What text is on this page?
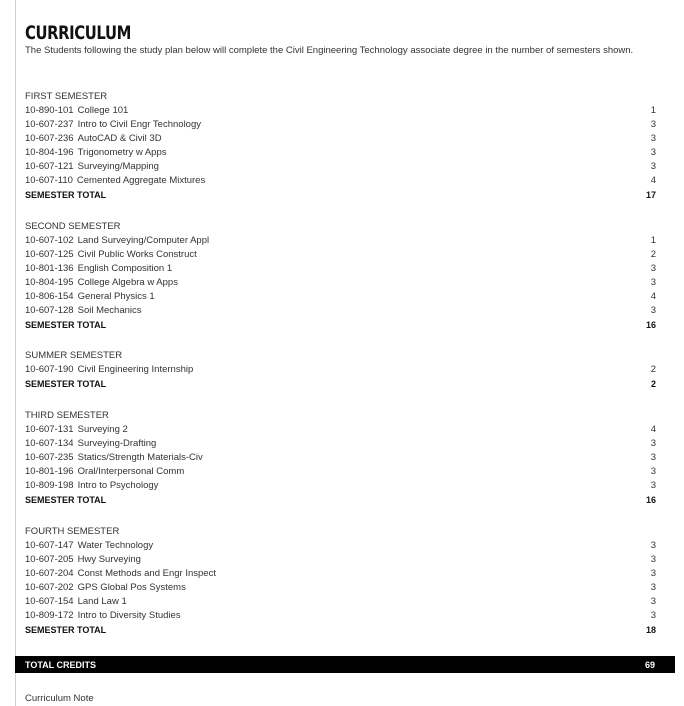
CURRICULUM

The Students following the study plan below will complete the Civil Engineering Technology associate degree in the number of semesters shown.

FIRST SEMESTER
10-890-101 College 101	1
10-607-237 Intro to Civil Engr Technology	3
10-607-236 AutoCAD & Civil 3D	3
10-804-196 Trigonometry w Apps	3
10-607-121 Surveying/Mapping	3
10-607-110 Cemented Aggregate Mixtures	4
SEMESTER TOTAL	17
SECOND SEMESTER
10-607-102 Land Surveying/Computer Appl	1
10-607-125 Civil Public Works Construct	2
10-801-136 English Composition 1	3
10-804-195 College Algebra w Apps	3
10-806-154 General Physics 1	4
10-607-128 Soil Mechanics	3
SEMESTER TOTAL	16
SUMMER SEMESTER
10-607-190 Civil Engineering Internship	2
SEMESTER TOTAL	2
THIRD SEMESTER
10-607-131 Surveying 2	4
10-607-134 Surveying-Drafting	3
10-607-235 Statics/Strength Materials-Civ	3
10-801-196 Oral/Interpersonal Comm	3
10-809-198 Intro to Psychology	3
SEMESTER TOTAL	16
FOURTH SEMESTER
10-607-147 Water Technology	3
10-607-205 Hwy Surveying	3
10-607-204 Const Methods and Engr Inspect	3
10-607-202 GPS Global Pos Systems	3
10-607-154 Land Law 1	3
10-809-172 Intro to Diversity Studies	3
SEMESTER TOTAL	18
TOTAL CREDITS	69
Curriculum Note
